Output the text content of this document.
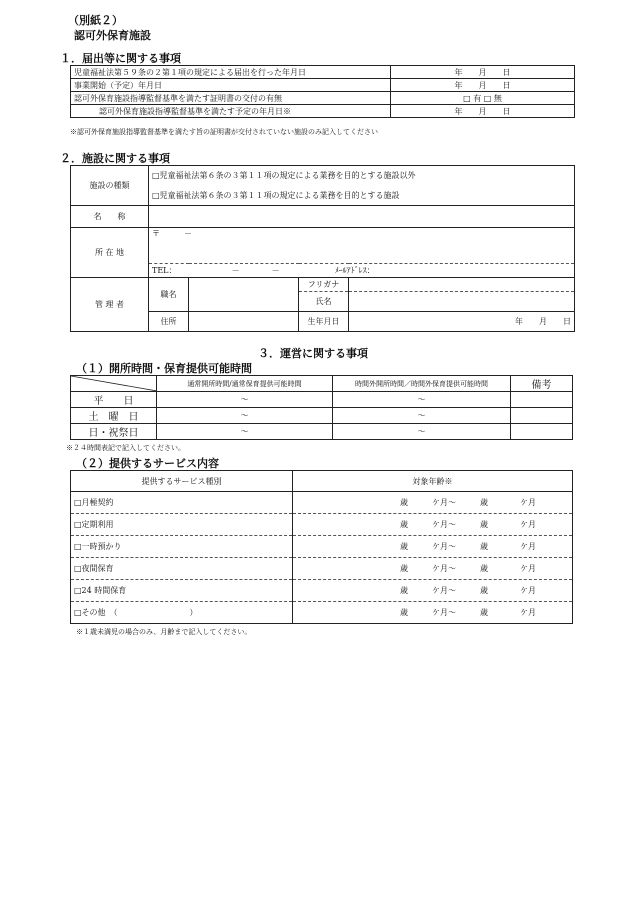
（別紙２）
認可外保育施設
１．届出等に関する事項
児童福祉法第５９条の２第１項の規定による届出を行った年月日	年　　月　　日
事業開始（予定）年月日	年　　月　　日
認可外保育施設指導監督基準を満たす証明書の交付の有無	□ 有 □ 無
認可外保育施設指導監督基準を満たす予定の年月日※	年　　月　　日
※認可外保育施設指導監督基準を満たす旨の証明書が交付されていない施設のみ記入してください
２．施設に関する事項
施設の種類	□児童福祉法第６条の３第１１項の規定による業務を目的とする施設以外			
	□児童福祉法第６条の３第１１項の規定による業務を目的とする施設			
名　　称				
所 在 地	〒　　　－			
	TEL： －　　　　－ ﾒｰﾙｱﾄﾞﾚｽ：			
管 理 者	職名		フリガナ	
			氏名	
	住所		生年月日	年　　月　　日
３．運営に関する事項
（１）開所時間・保育提供可能時間
	通常開所時間/通常保育提供可能時間	時間外開所時間／時間外保育提供可能時間	備考
平　　日	～	～	
土　曜　日	～	～	
日・祝祭日	～	～	
※２４時間表記で記入してください。
（２）提供するサービス内容
提供するサービス種別	対象年齢※
□月極契約	歳　　　ケ月～　　　歳　　　　ケ月
□定期利用	歳　　　ケ月～　　　歳　　　　ケ月
□一時預かり	歳　　　ケ月～　　　歳　　　　ケ月
□夜間保育	歳　　　ケ月～　　　歳　　　　ケ月
□24 時間保育	歳　　　ケ月～　　　歳　　　　ケ月
□その他　（　　　　　　　　　）	歳　　　ケ月～　　　歳　　　　ケ月
※１歳未満児の場合のみ、月齢まで記入してください。
